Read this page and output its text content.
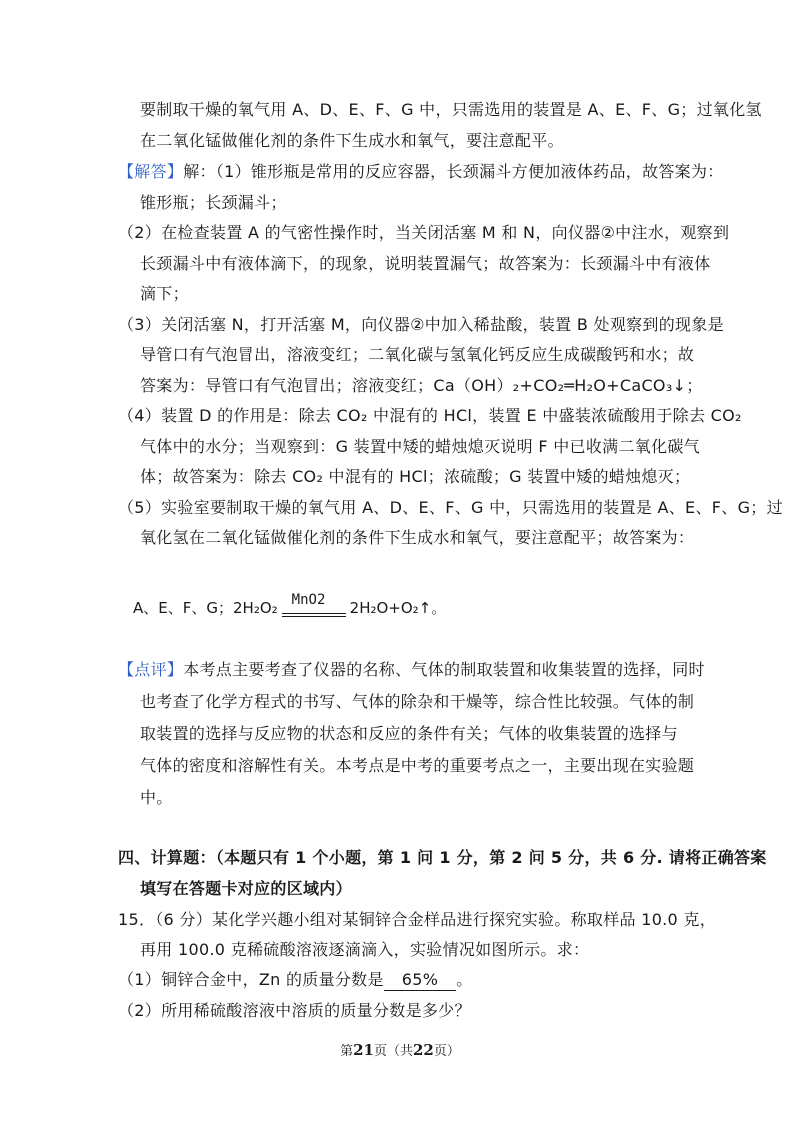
要制取干燥的氧气用 A、D、E、F、G 中，只需选用的装置是 A、E、F、G；过氧化氢
在二氧化锰做催化剂的条件下生成水和氧气，要注意配平。
【解答】解：（1）锥形瓶是常用的反应容器，长颈漏斗方便加液体药品，故答案为：
锥形瓶；长颈漏斗；
（2）在检查装置 A 的气密性操作时，当关闭活塞 M 和 N，向仪器②中注水，观察到
长颈漏斗中有液体滴下，的现象，说明装置漏气；故答案为：长颈漏斗中有液体
滴下；
（3）关闭活塞 N，打开活塞 M，向仪器②中加入稀盐酸，装置 B 处观察到的现象是
导管口有气泡冒出，溶液变红；二氧化碳与氢氧化钙反应生成碳酸钙和水；故
答案为：导管口有气泡冒出；溶液变红；Ca（OH）₂+CO₂═H₂O+CaCO₃↓；
（4）装置 D 的作用是：除去 CO₂ 中混有的 HCl，装置 E 中盛装浓硫酸用于除去 CO₂
气体中的水分；当观察到：G 装置中矮的蜡烛熄灭说明 F 中已收满二氧化碳气
体；故答案为：除去 CO₂ 中混有的 HCl；浓硫酸；G 装置中矮的蜡烛熄灭；
（5）实验室要制取干燥的氧气用 A、D、E、F、G 中，只需选用的装置是 A、E、F、G；过
氧化氢在二氧化锰做催化剂的条件下生成水和氧气，要注意配平；故答案为：
A、E、F、G；2H₂O₂ MnO2 2H₂O+O₂↑。
【点评】本考点主要考查了仪器的名称、气体的制取装置和收集装置的选择，同时
也考查了化学方程式的书写、气体的除杂和干燥等，综合性比较强。气体的制
取装置的选择与反应物的状态和反应的条件有关；气体的收集装置的选择与
气体的密度和溶解性有关。本考点是中考的重要考点之一，主要出现在实验题
中。
四、计算题：（本题只有 1 个小题，第 1 问 1 分，第 2 问 5 分，共 6 分. 请将正确答案
填写在答题卡对应的区域内）
15．（6 分）某化学兴趣小组对某铜锌合金样品进行探究实验。称取样品 10.0 克，
再用 100.0 克稀硫酸溶液逐滴滴入，实验情况如图所示。求：
（1）铜锌合金中，Zn 的质量分数是 65% 。
（2）所用稀硫酸溶液中溶质的质量分数是多少？
第21页（共22页）
